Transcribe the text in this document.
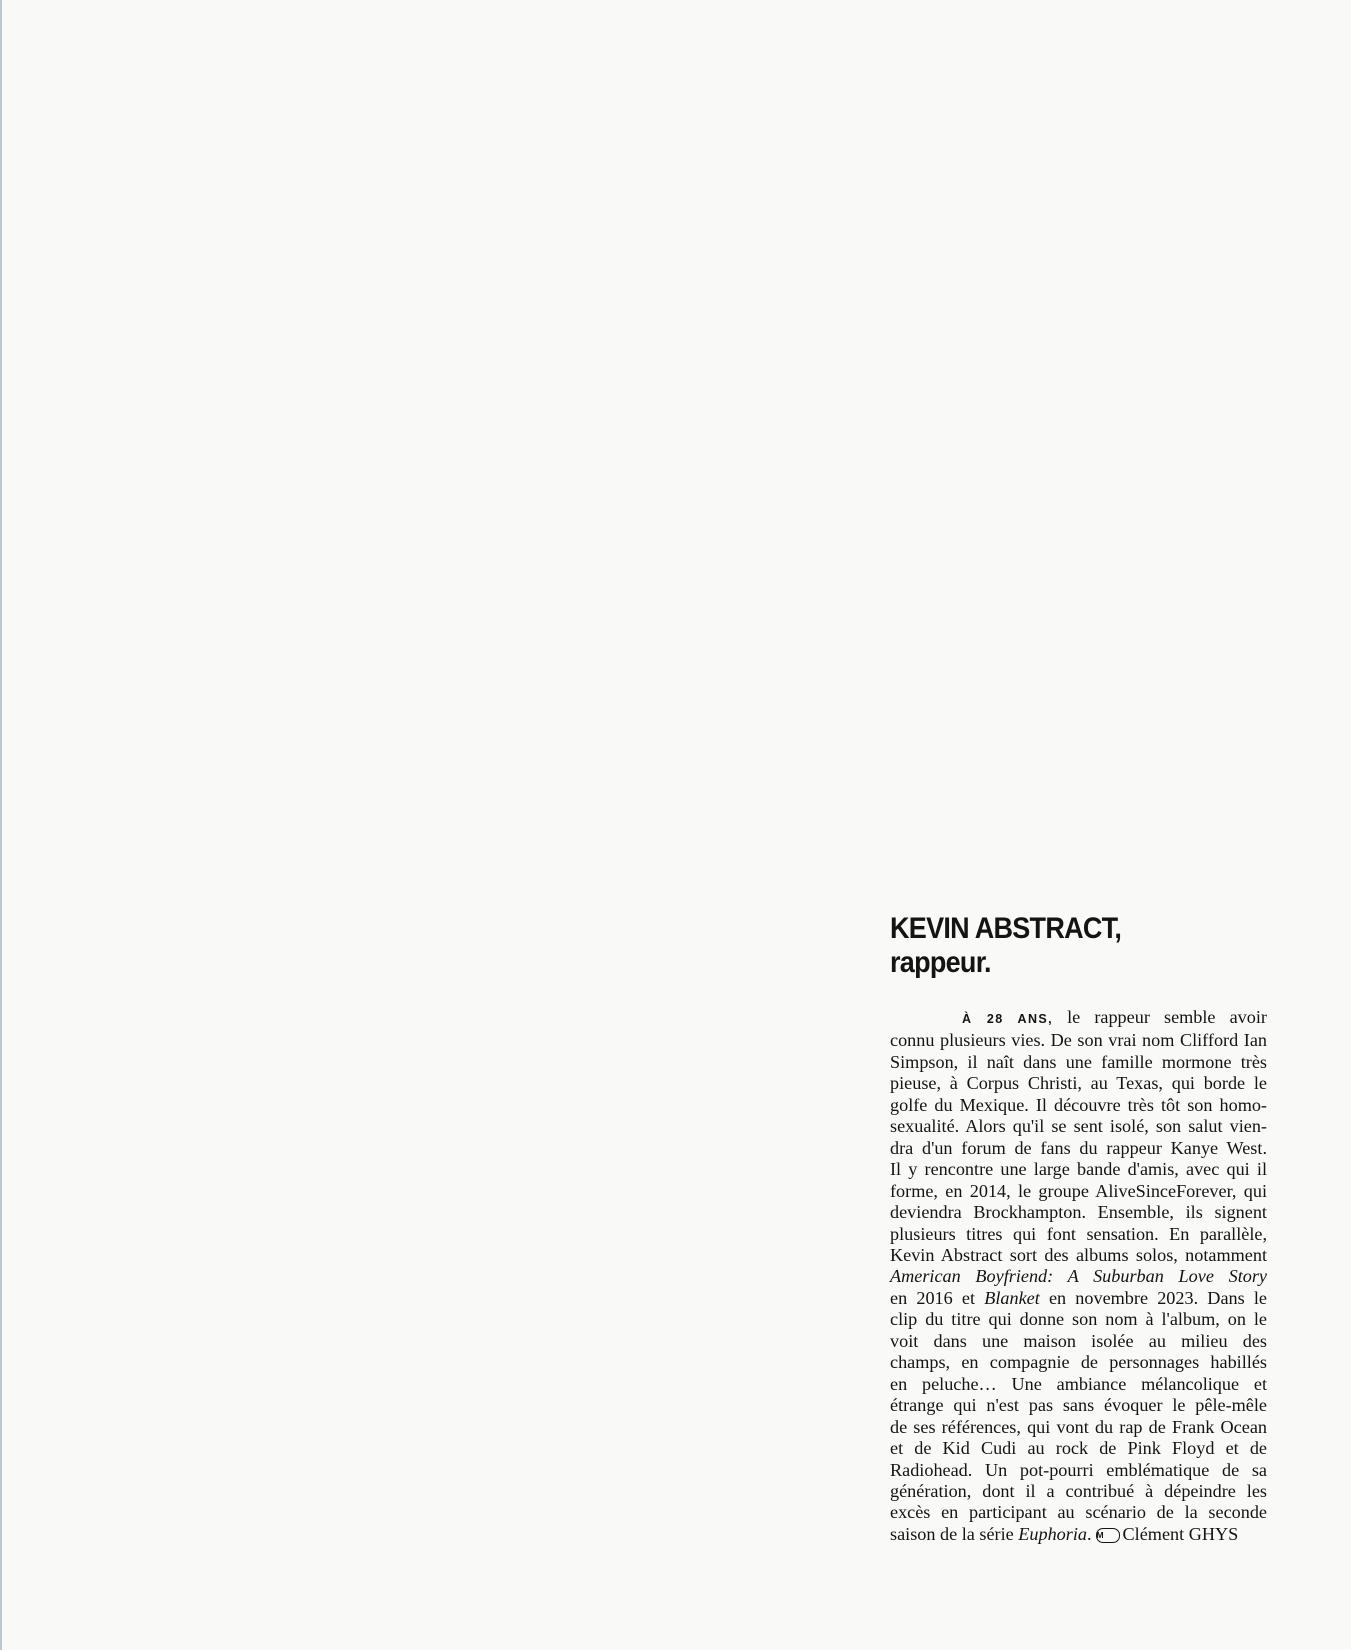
KEVIN ABSTRACT,
rappeur.
À 28 ANS, le rappeur semble avoir
connu plusieurs vies. De son vrai nom Clifford Ian
Simpson, il naît dans une famille mormone très
pieuse, à Corpus Christi, au Texas, qui borde le
golfe du Mexique. Il découvre très tôt son homo-
sexualité. Alors qu'il se sent isolé, son salut vien-
dra d'un forum de fans du rappeur Kanye West.
Il y rencontre une large bande d'amis, avec qui il
forme, en 2014, le groupe AliveSinceForever, qui
deviendra Brockhampton. Ensemble, ils signent
plusieurs titres qui font sensation. En parallèle,
Kevin Abstract sort des albums solos, notamment
American Boyfriend: A Suburban Love Story
en 2016 et Blanket en novembre 2023. Dans le
clip du titre qui donne son nom à l'album, on le
voit dans une maison isolée au milieu des
champs, en compagnie de personnages habillés
en peluche… Une ambiance mélancolique et
étrange qui n'est pas sans évoquer le pêle-mêle
de ses références, qui vont du rap de Frank Ocean
et de Kid Cudi au rock de Pink Floyd et de
Radiohead. Un pot-pourri emblématique de sa
génération, dont il a contribué à dépeindre les
excès en participant au scénario de la seconde
saison de la série Euphoria. M Clément GHYS
